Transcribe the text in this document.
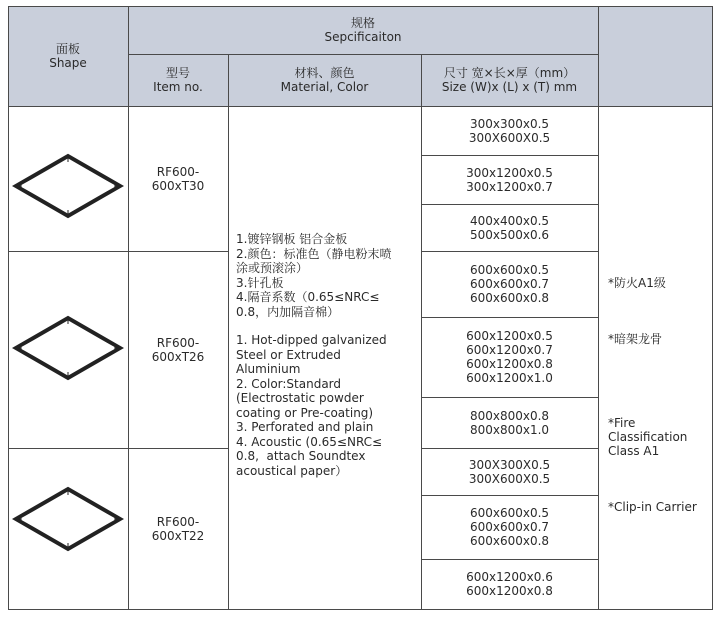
面板
Shape
规格
Sepcificaiton
型号
Item no.
材料、颜色
Material, Color
尺寸 宽×长×厚（mm）
Size (W)x (L) x (T) mm
RF600-
600xT30
RF600-
600xT26
RF600-
600xT22
1.镀锌钢板 铝合金板
2.颜色：标准色（静电粉末喷
涂或预滚涂）
3.针孔板
4.隔音系数（0.65≤NRC≤
0.8，内加隔音棉）
1. Hot-dipped galvanized
Steel or Extruded
Aluminium
2. Color:Standard
(Electrostatic powder
coating or Pre-coating)
3. Perforated and plain
4. Acoustic (0.65≤NRC≤
0.8,  attach Soundtex
acoustical paper）
300x300x0.5
300X600X0.5
300x1200x0.5
300x1200x0.7
400x400x0.5
500x500x0.6
600x600x0.5
600x600x0.7
600x600x0.8
600x1200x0.5
600x1200x0.7
600x1200x0.8
600x1200x1.0
800x800x0.8
800x800x1.0
300X300X0.5
300X600X0.5
600x600x0.5
600x600x0.7
600x600x0.8
600x1200x0.6
600x1200x0.8

*防火A1级

*暗架龙骨

*Fire
Classification
Class A1

*Clip-in Carrier
